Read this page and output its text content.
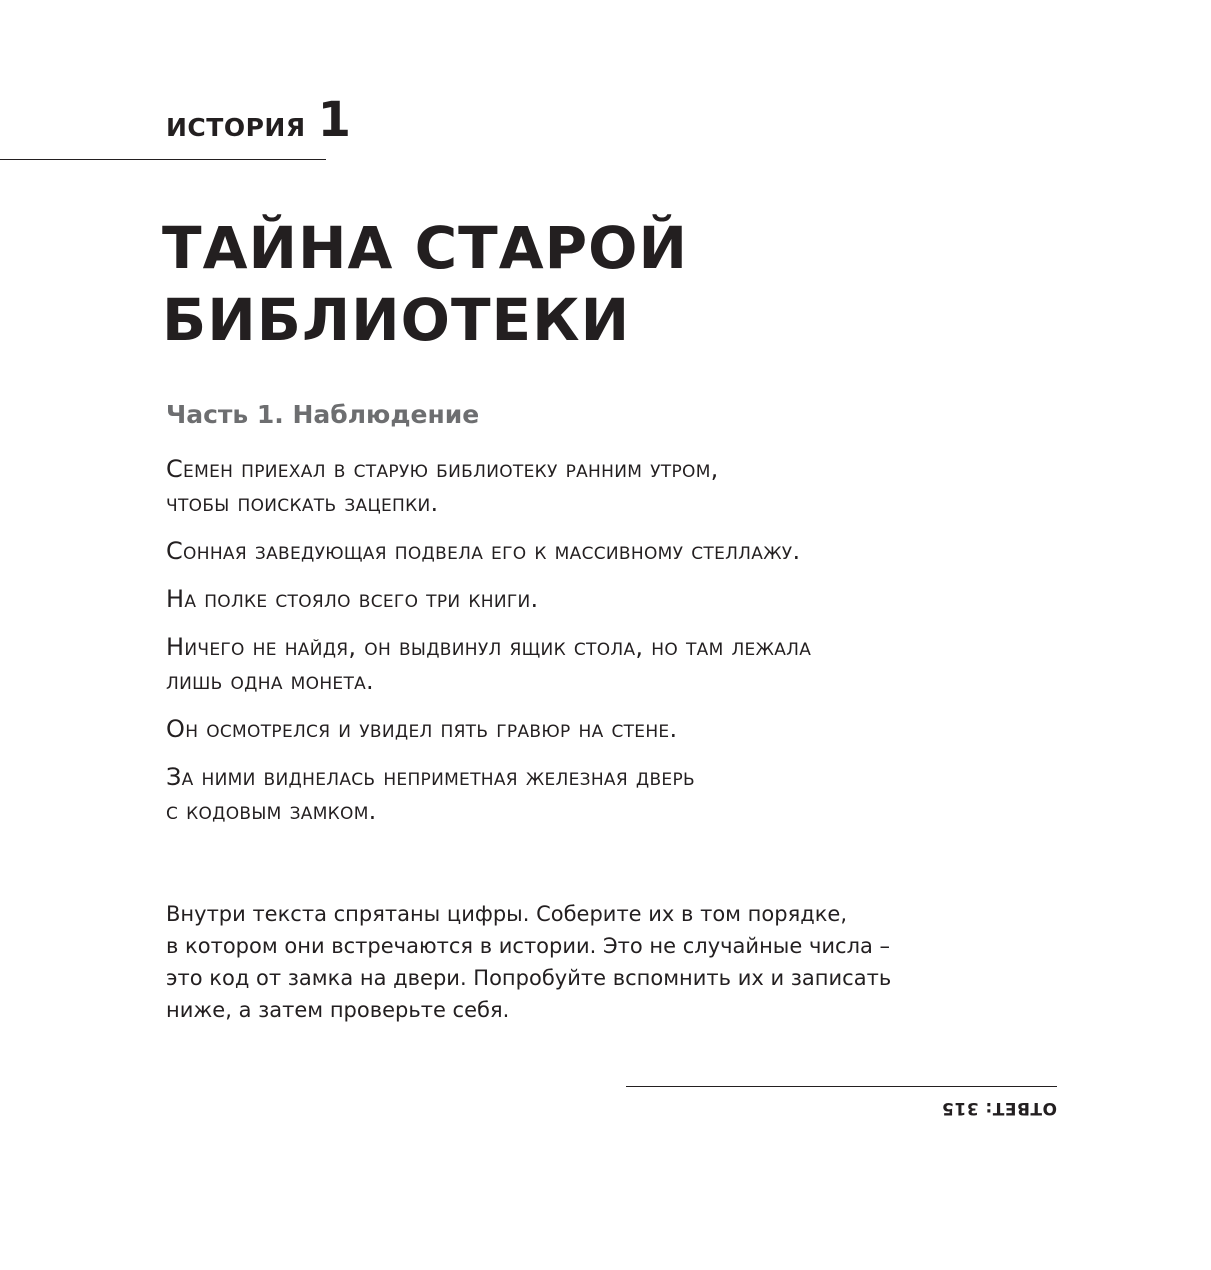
ИСТОРИЯ 1
ТАЙНА СТАРОЙ
БИБЛИОТЕКИ
Часть 1. Наблюдение

Семен приехал в старую библиотеку ранним утром,
чтобы поискать зацепки.

Сонная заведующая подвела его к массивному стеллажу.

На полке стояло всего три книги.

Ничего не найдя, он выдвинул ящик стола, но там лежала
лишь одна монета.

Он осмотрелся и увидел пять гравюр на стене.

За ними виднелась неприметная железная дверь
с кодовым замком.

Внутри текста спрятаны цифры. Соберите их в том порядке,
в котором они встречаются в истории. Это не случайные числа –
это код от замка на двери. Попробуйте вспомнить их и записать
ниже, а затем проверьте себя.

ОТВЕТ: 315
